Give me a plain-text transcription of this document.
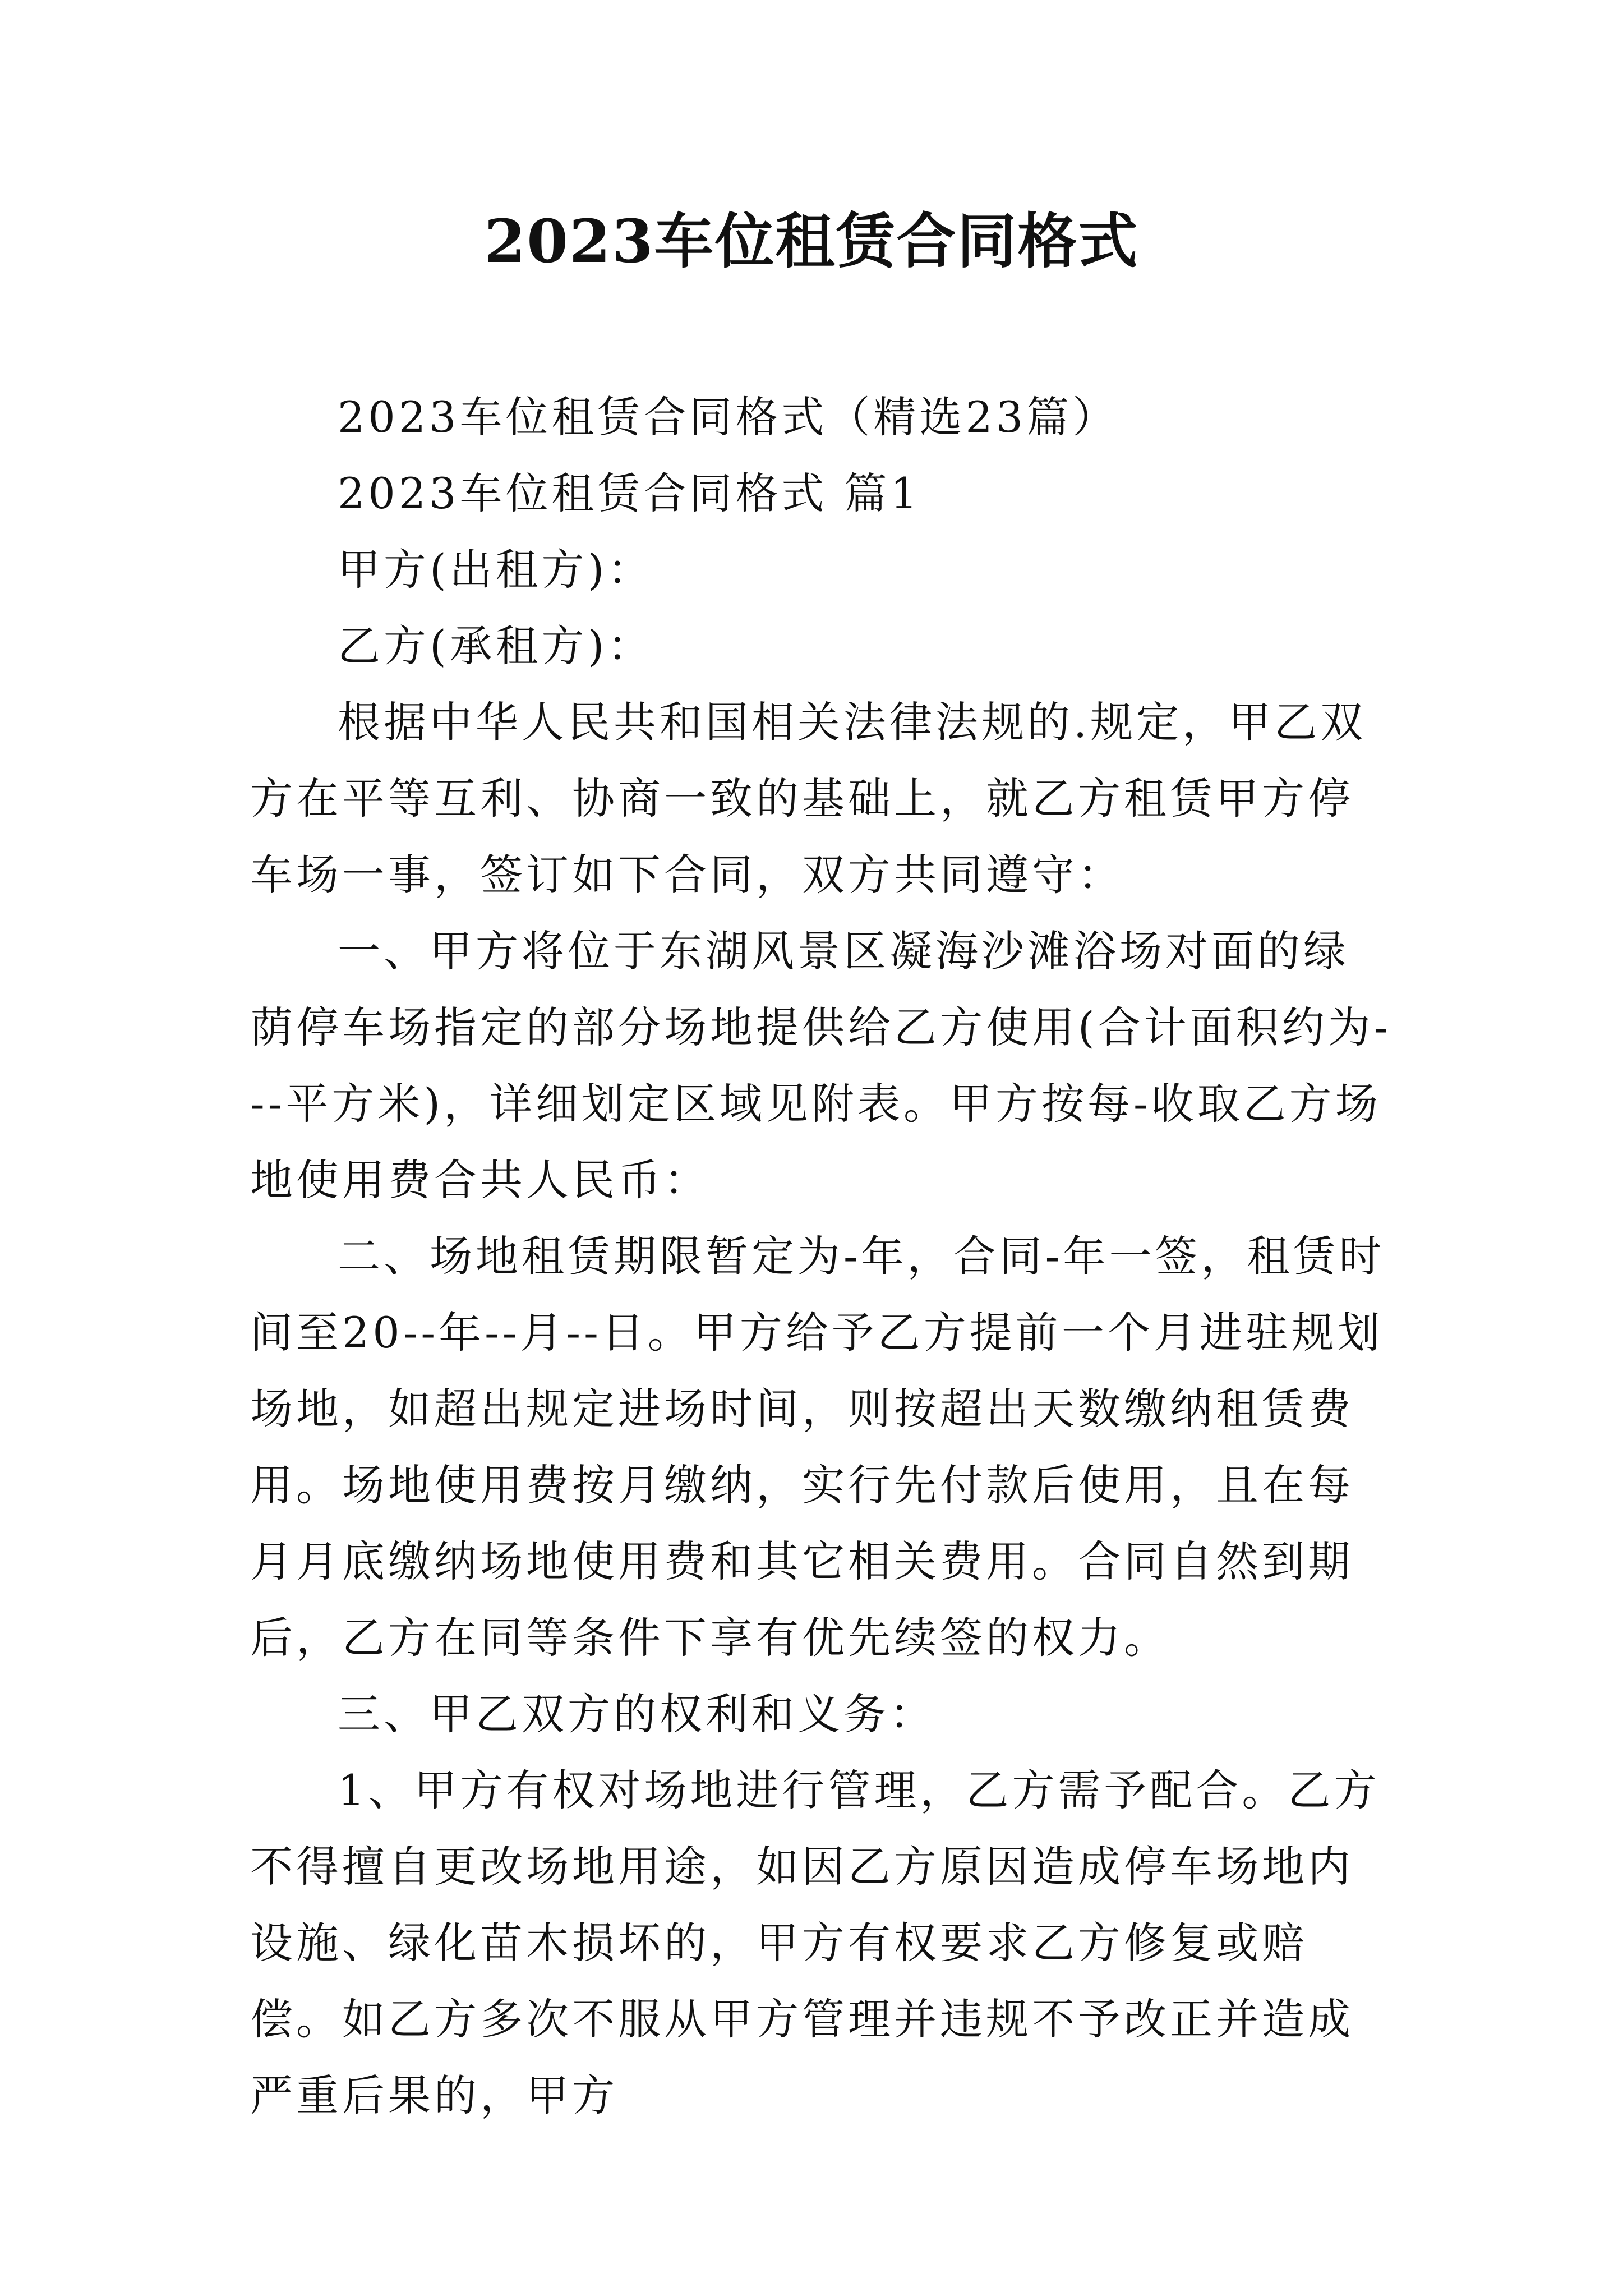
2023车位租赁合同格式

2023车位租赁合同格式（精选23篇）

2023车位租赁合同格式 篇1

甲方(出租方)：

乙方(承租方)：

根据中华人民共和国相关法律法规的.规定，甲乙双方在平等互利、协商一致的基础上，就乙方租赁甲方停车场一事，签订如下合同，双方共同遵守：

一、甲方将位于东湖风景区凝海沙滩浴场对面的绿荫停车场指定的部分场地提供给乙方使用(合计面积约为---平方米)，详细划定区域见附表。甲方按每-收取乙方场地使用费合共人民币：

二、场地租赁期限暂定为-年，合同-年一签，租赁时间至20--年--月--日。甲方给予乙方提前一个月进驻规划场地，如超出规定进场时间，则按超出天数缴纳租赁费用。场地使用费按月缴纳，实行先付款后使用，且在每月月底缴纳场地使用费和其它相关费用。合同自然到期后，乙方在同等条件下享有优先续签的权力。

三、甲乙双方的权利和义务：

1、甲方有权对场地进行管理，乙方需予配合。乙方不得擅自更改场地用途，如因乙方原因造成停车场地内设施、绿化苗木损坏的，甲方有权要求乙方修复或赔偿。如乙方多次不服从甲方管理并违规不予改正并造成严重后果的，甲方
